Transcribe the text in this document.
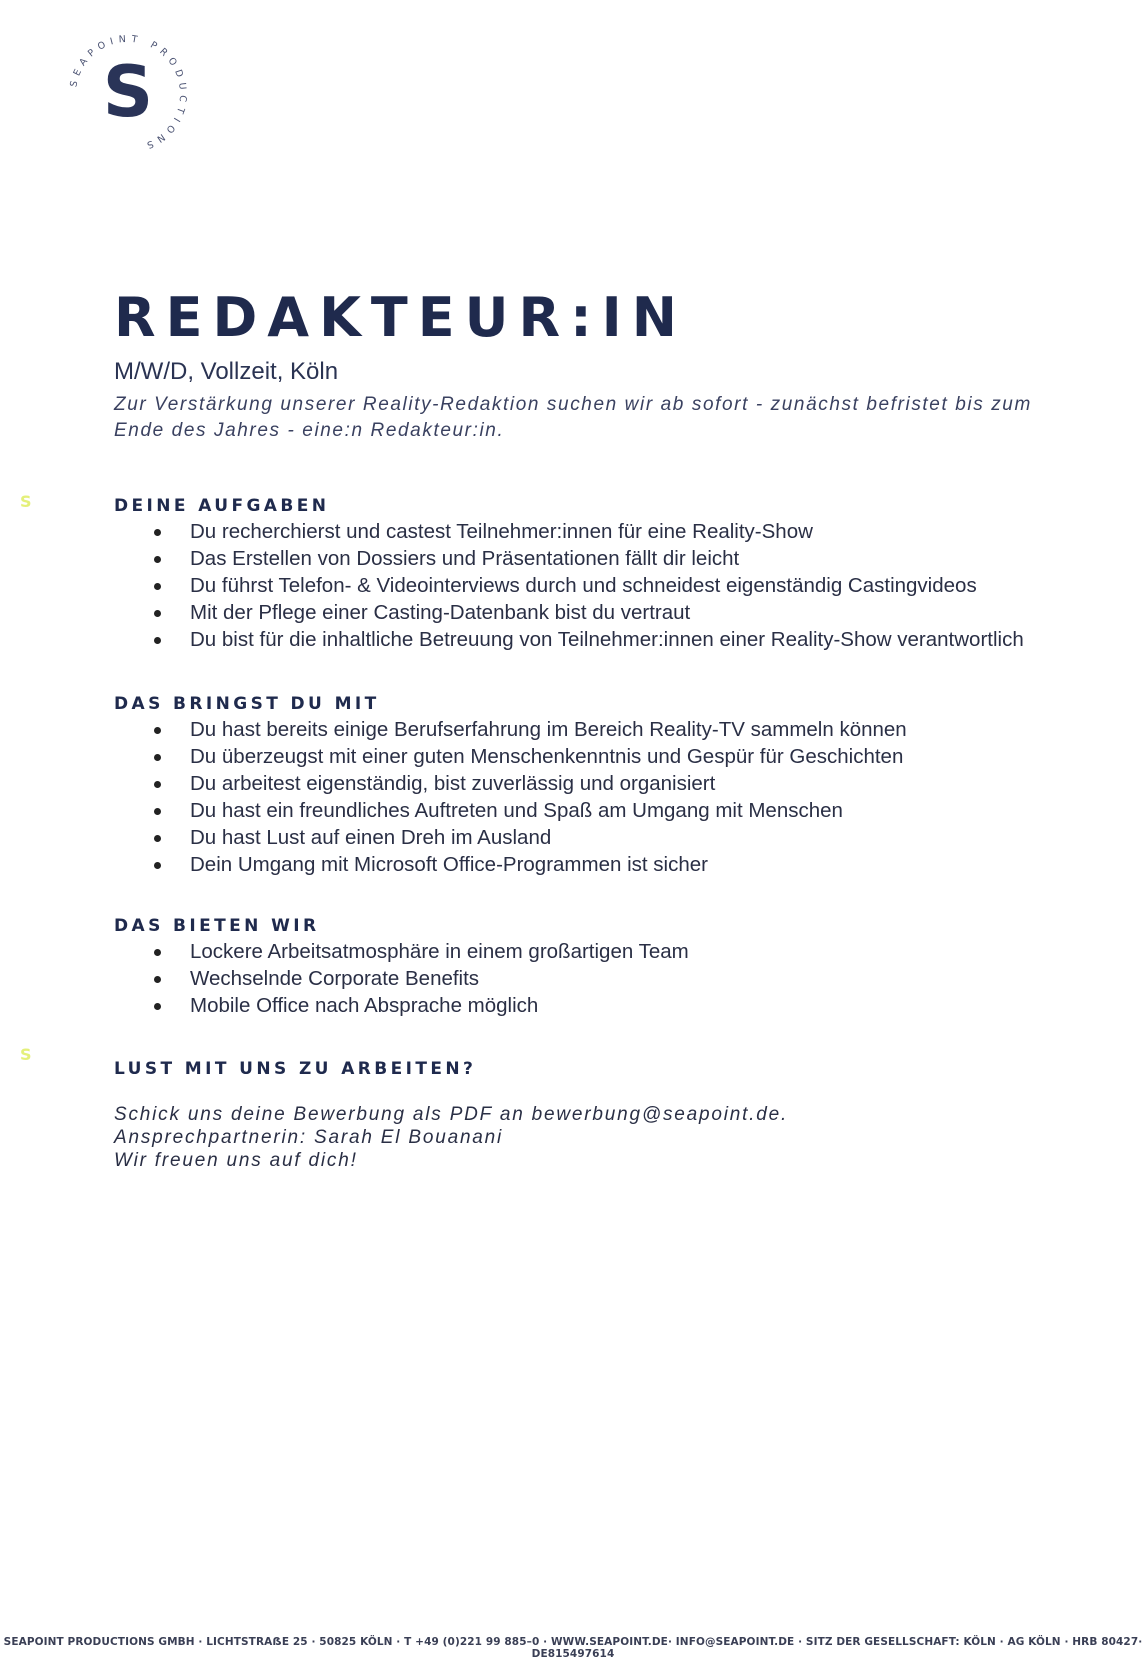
SEAPOINT PRODUCTIONS
S
S
S
REDAKTEUR:IN

M/W/D, Vollzeit, Köln

Zur Verstärkung unserer Reality-Redaktion suchen wir ab sofort - zunächst befristet bis zum Ende des Jahres - eine:n Redakteur:in.

DEINE AUFGABEN
Du recherchierst und castest Teilnehmer:innen für eine Reality-Show
Das Erstellen von Dossiers und Präsentationen fällt dir leicht
Du führst Telefon- & Videointerviews durch und schneidest eigenständig Castingvideos
Mit der Pflege einer Casting-Datenbank bist du vertraut
Du bist für die inhaltliche Betreuung von Teilnehmer:innen einer Reality-Show verantwortlich
DAS BRINGST DU MIT
Du hast bereits einige Berufserfahrung im Bereich Reality-TV sammeln können
Du überzeugst mit einer guten Menschenkenntnis und Gespür für Geschichten
Du arbeitest eigenständig, bist zuverlässig und organisiert
Du hast ein freundliches Auftreten und Spaß am Umgang mit Menschen
Du hast Lust auf einen Dreh im Ausland
Dein Umgang mit Microsoft Office-Programmen ist sicher
DAS BIETEN WIR
Lockere Arbeitsatmosphäre in einem großartigen Team
Wechselnde Corporate Benefits
Mobile Office nach Absprache möglich
LUST MIT UNS ZU ARBEITEN?

Schick uns deine Bewerbung als PDF an bewerbung@seapoint.de.

Ansprechpartnerin: Sarah El Bouanani

Wir freuen uns auf dich!

SEAPOINT PRODUCTIONS GMBH · LICHTSTRAẞE 25 · 50825 KÖLN · T +49 (0)221 99 885–0 · WWW.SEAPOINT.DE· INFO@SEAPOINT.DE · SITZ DER GESELLSCHAFT: KÖLN · AG KÖLN · HRB 80427· DE815497614
